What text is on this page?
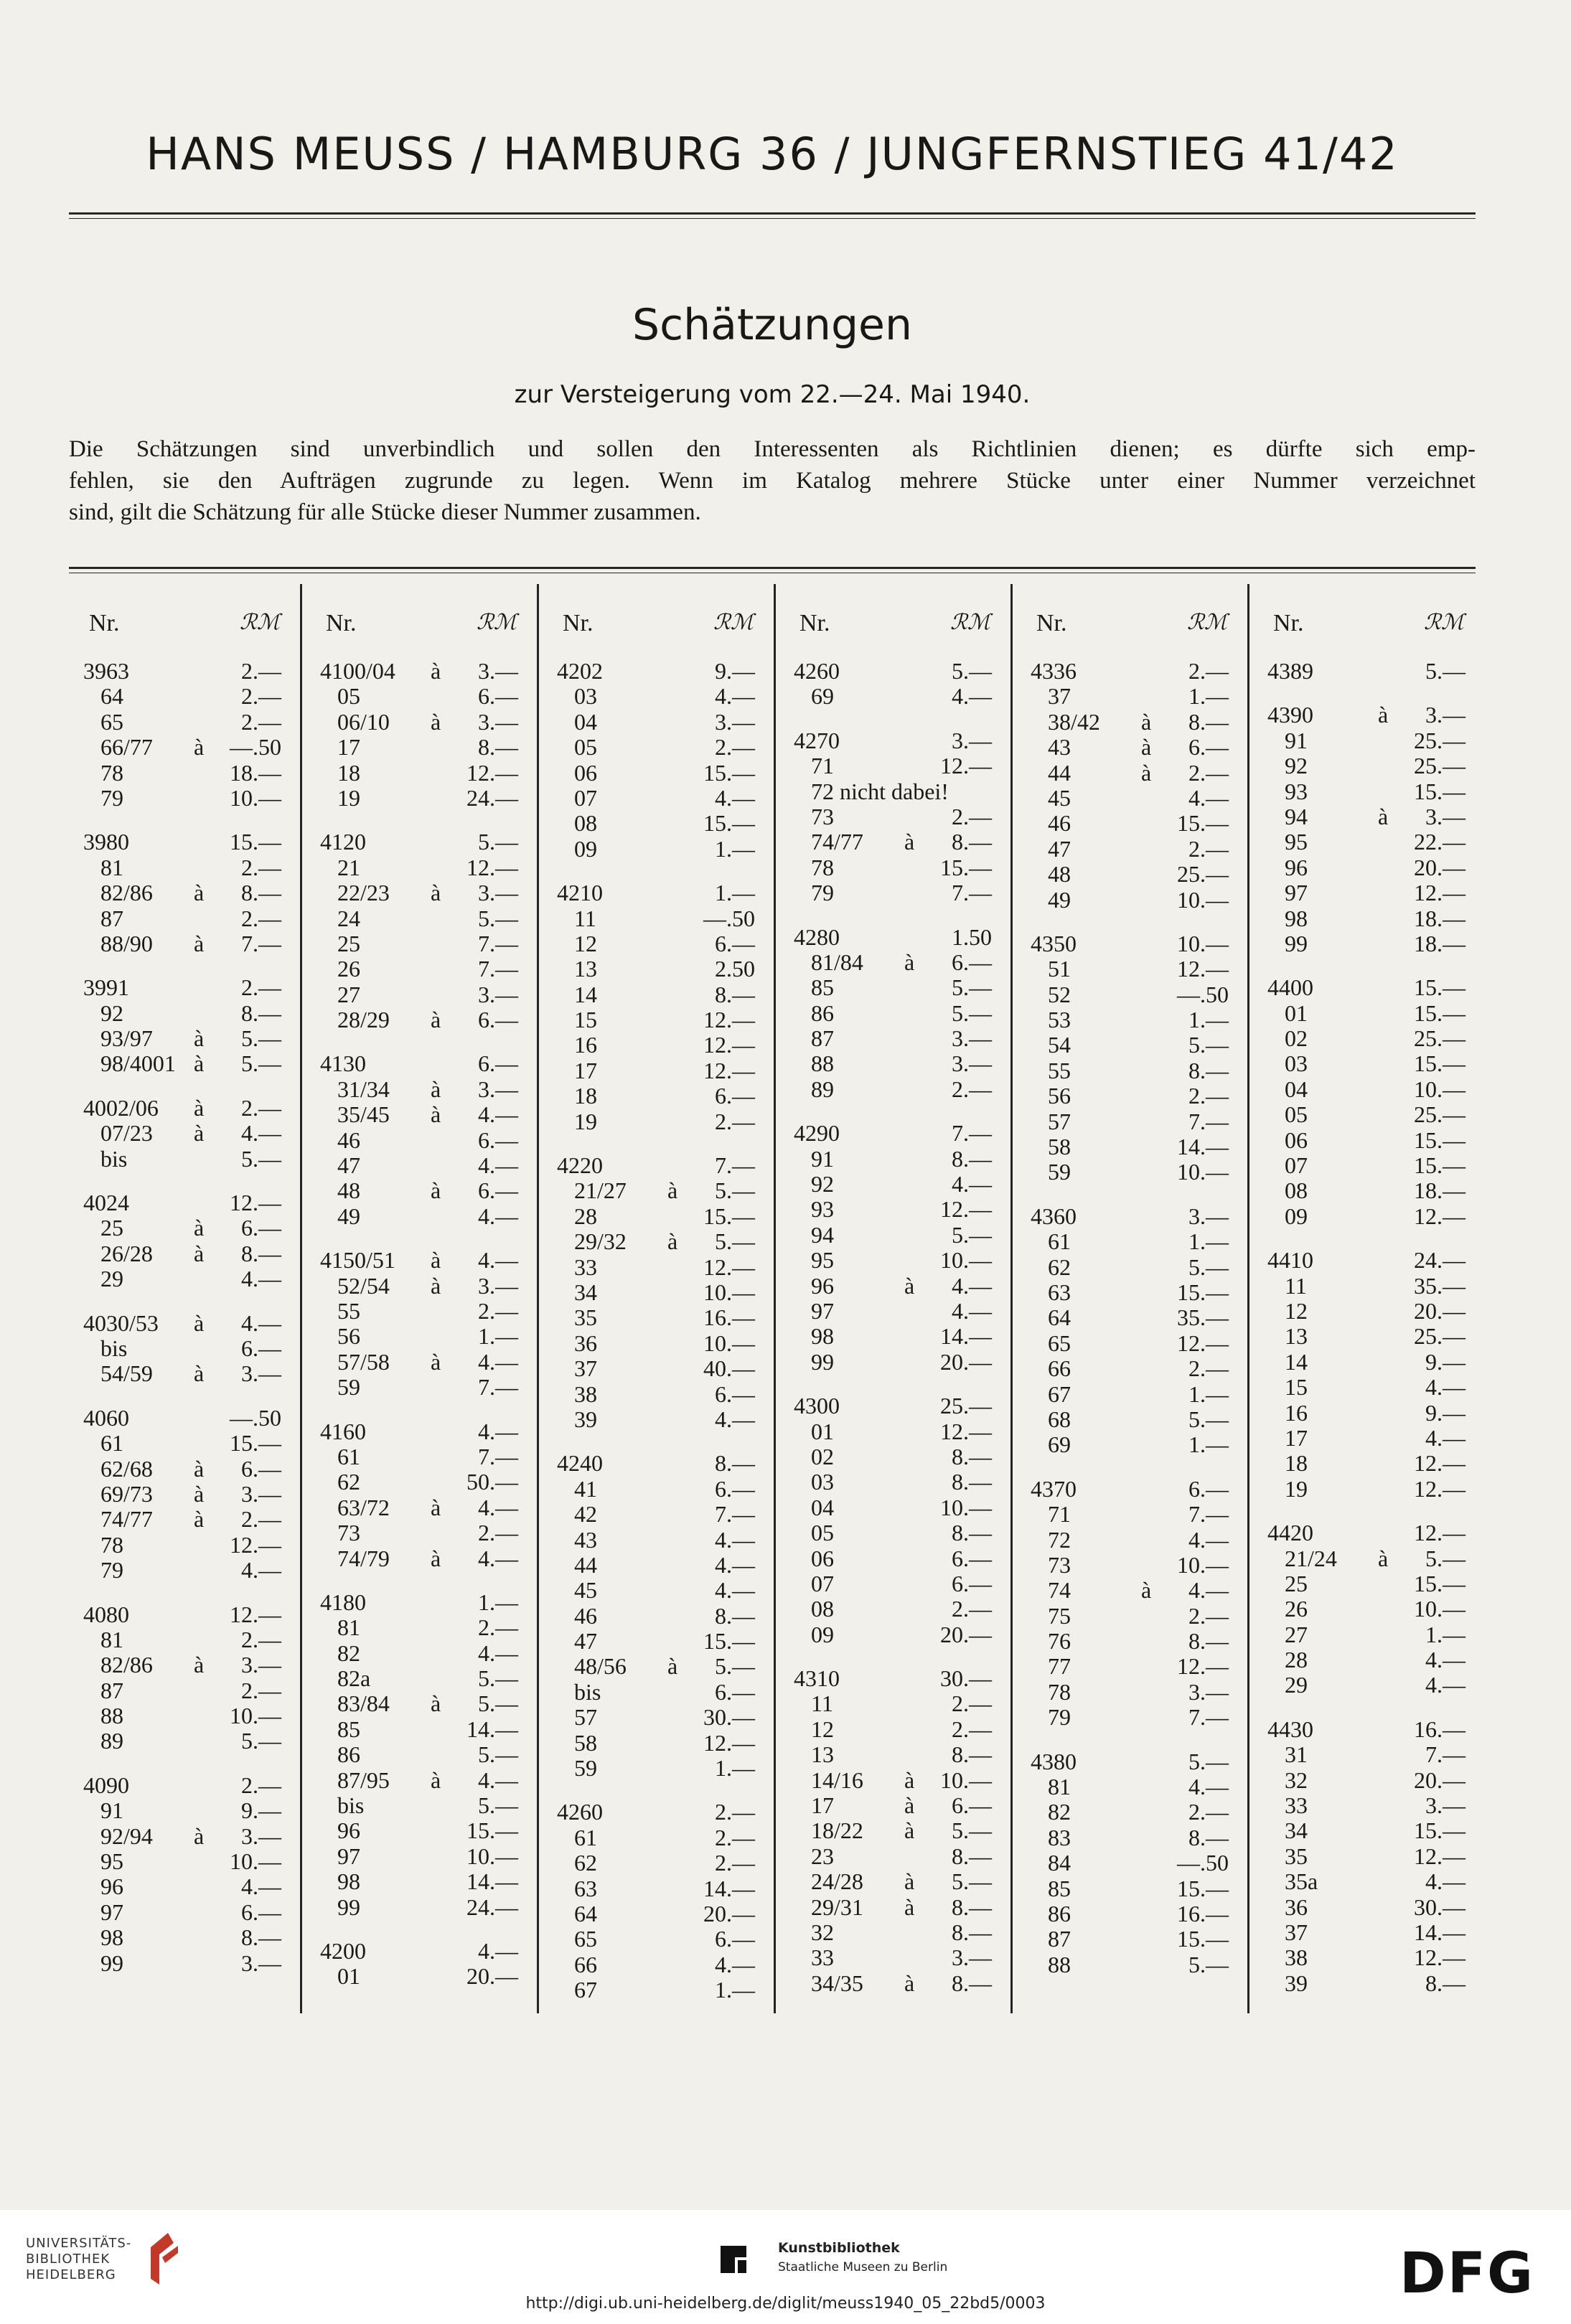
HANS MEUSS / HAMBURG 36 / JUNGFERNSTIEG 41/42
Schätzungen
zur Versteigerung vom 22.—24. Mai 1940.

Die Schätzungen sind unverbindlich und sollen den Interessenten als Richtlinien dienen; es dürfte sich emp-

fehlen, sie den Aufträgen zugrunde zu legen. Wenn im Katalog mehrere Stücke unter einer Nummer verzeichnet

sind, gilt die Schätzung für alle Stücke dieser Nummer zusammen.

Nr.	ℛℳ
3963	2.—
64	2.—
65	2.—
66/77 à —.50
78	18.—
79	10.—
3980	15.—
81	2.—
82/86 à 8.—
87	2.—
88/90 à 7.—
3991	2.—
92	8.—
93/97 à 5.—
98/4001 à 5.—
4002/06 à 2.—
07/23 à 4.—
bis	5.—
4024	12.—
25	à 6.—
26/28 à 8.—
29	4.—
4030/53 à 4.—
bis	6.—
54/59 à 3.—
4060	—.50
61	15.—
62/68 à 6.—
69/73 à 3.—
74/77 à 2.—
78	12.—
79	4.—
4080	12.—
81	2.—
82/86 à 3.—
87	2.—
88	10.—
89	5.—
4090	2.—
91	9.—
92/94 à 3.—
95	10.—
96	4.—
97	6.—
98	8.—
99	3.—
Nr.	ℛℳ
4100/04 à 3.—
05	6.—
06/10 à 3.—
17	8.—
18	12.—
19	24.—
4120	5.—
21	12.—
22/23 à 3.—
24	5.—
25	7.—
26	7.—
27	3.—
28/29 à 6.—
4130	6.—
31/34 à 3.—
35/45 à 4.—
46	6.—
47	4.—
48	à 6.—
49	4.—
4150/51 à 4.—
52/54 à 3.—
55	2.—
56	1.—
57/58 à 4.—
59	7.—
4160	4.—
61	7.—
62	50.—
63/72 à 4.—
73	2.—
74/79 à 4.—
4180	1.—
81	2.—
82	4.—
82a	5.—
83/84 à 5.—
85	14.—
86	5.—
87/95 à 4.—
bis	5.—
96	15.—
97	10.—
98	14.—
99	24.—
4200	4.—
01	20.—
Nr.	ℛℳ
4202	9.—
03	4.—
04	3.—
05	2.—
06	15.—
07	4.—
08	15.—
09	1.—
4210	1.—
11	—.50
12	6.—
13	2.50
14	8.—
15	12.—
16	12.—
17	12.—
18	6.—
19	2.—
4220	7.—
21/27 à 5.—
28	15.—
29/32 à 5.—
33	12.—
34	10.—
35	16.—
36	10.—
37	40.—
38	6.—
39	4.—
4240	8.—
41	6.—
42	7.—
43	4.—
44	4.—
45	4.—
46	8.—
47	15.—
48/56 à 5.—
bis	6.—
57	30.—
58	12.—
59	1.—
4260	2.—
61	2.—
62	2.—
63	14.—
64	20.—
65	6.—
66	4.—
67	1.—
Nr.	ℛℳ
4260	5.—
69	4.—
4270	3.—
71	12.—
72 nicht dabei!
73	2.—
74/77 à 8.—
78	15.—
79	7.—
4280	1.50
81/84 à 6.—
85	5.—
86	5.—
87	3.—
88	3.—
89	2.—
4290	7.—
91	8.—
92	4.—
93	12.—
94	5.—
95	10.—
96	à 4.—
97	4.—
98	14.—
99	20.—
4300	25.—
01	12.—
02	8.—
03	8.—
04	10.—
05	8.—
06	6.—
07	6.—
08	2.—
09	20.—
4310	30.—
11	2.—
12	2.—
13	8.—
14/16 à 10.—
17	à 6.—
18/22 à 5.—
23	8.—
24/28 à 5.—
29/31 à 8.—
32	8.—
33	3.—
34/35 à 8.—
Nr.	ℛℳ
4336	2.—
37	1.—
38/42 à 8.—
43	à 6.—
44	à 2.—
45	4.—
46	15.—
47	2.—
48	25.—
49	10.—
4350	10.—
51	12.—
52	—.50
53	1.—
54	5.—
55	8.—
56	2.—
57	7.—
58	14.—
59	10.—
4360	3.—
61	1.—
62	5.—
63	15.—
64	35.—
65	12.—
66	2.—
67	1.—
68	5.—
69	1.—
4370	6.—
71	7.—
72	4.—
73	10.—
74	à 4.—
75	2.—
76	8.—
77	12.—
78	3.—
79	7.—
4380	5.—
81	4.—
82	2.—
83	8.—
84	—.50
85	15.—
86	16.—
87	15.—
88	5.—
Nr.	ℛℳ
4389	5.—
4390	à 3.—
91	25.—
92	25.—
93	15.—
94	à 3.—
95	22.—
96	20.—
97	12.—
98	18.—
99	18.—
4400	15.—
01	15.—
02	25.—
03	15.—
04	10.—
05	25.—
06	15.—
07	15.—
08	18.—
09	12.—
4410	24.—
11	35.—
12	20.—
13	25.—
14	9.—
15	4.—
16	9.—
17	4.—
18	12.—
19	12.—
4420	12.—
21/24 à 5.—
25	15.—
26	10.—
27	1.—
28	4.—
29	4.—
4430	16.—
31	7.—
32	20.—
33	3.—
34	15.—
35	12.—
35a	4.—
36	30.—
37	14.—
38	12.—
39	8.—
UNIVERSITÄTS-
BIBLIOTHEK
HEIDELBERG
Kunstbibliothek
Staatliche Museen zu Berlin	DFG
http://digi.ub.uni-heidelberg.de/diglit/meuss1940_05_22bd5/0003
